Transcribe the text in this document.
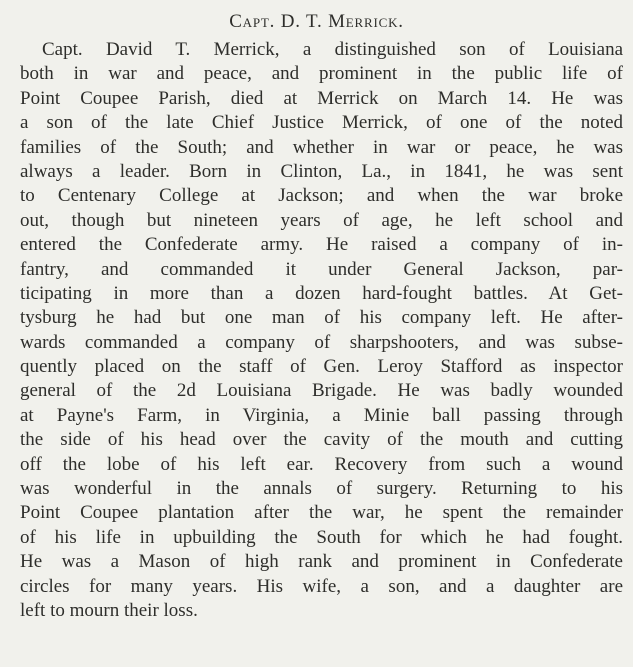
Capt. D. T. Merrick.
Capt. David T. Merrick, a distinguished son of Louisiana
both in war and peace, and prominent in the public life of
Point Coupee Parish, died at Merrick on March 14. He was
a son of the late Chief Justice Merrick, of one of the noted
families of the South; and whether in war or peace, he was
always a leader. Born in Clinton, La., in 1841, he was sent
to Centenary College at Jackson; and when the war broke
out, though but nineteen years of age, he left school and
entered the Confederate army. He raised a company of in-
fantry, and commanded it under General Jackson, par-
ticipating in more than a dozen hard-fought battles. At Get-
tysburg he had but one man of his company left. He after-
wards commanded a company of sharpshooters, and was subse-
quently placed on the staff of Gen. Leroy Stafford as inspector
general of the 2d Louisiana Brigade. He was badly wounded
at Payne's Farm, in Virginia, a Minie ball passing through
the side of his head over the cavity of the mouth and cutting
off the lobe of his left ear. Recovery from such a wound
was wonderful in the annals of surgery. Returning to his
Point Coupee plantation after the war, he spent the remainder
of his life in upbuilding the South for which he had fought.
He was a Mason of high rank and prominent in Confederate
circles for many years. His wife, a son, and a daughter are
left to mourn their loss.
